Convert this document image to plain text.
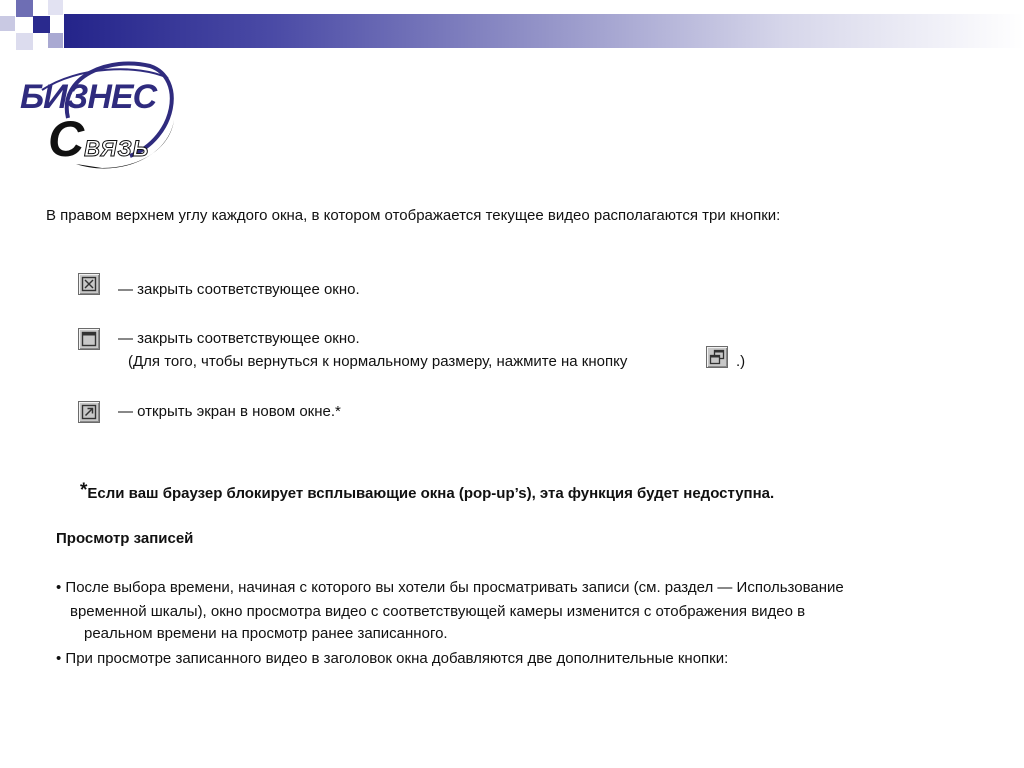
БИЗНЕС
СВЯЗЬ
В правом верхнем углу каждого окна, в котором отображается текущее видео располагаются три кнопки:
— закрыть соответствующее окно.
— закрыть соответствующее окно.
(Для того, чтобы вернуться к нормальному размеру, нажмите на кнопку	.)
— открыть экран в новом окне.*
*Если ваш браузер блокирует всплывающие окна (pop-up’s), эта функция будет недоступна.
Просмотр записей
• После выбора времени, начиная с которого вы хотели бы просматривать записи (см. раздел — Использование
временной шкалы), окно просмотра видео с соответствующей камеры изменится с отображения видео в
реальном времени на просмотр ранее записанного.
• При просмотре записанного видео в заголовок окна добавляются две дополнительные кнопки:
